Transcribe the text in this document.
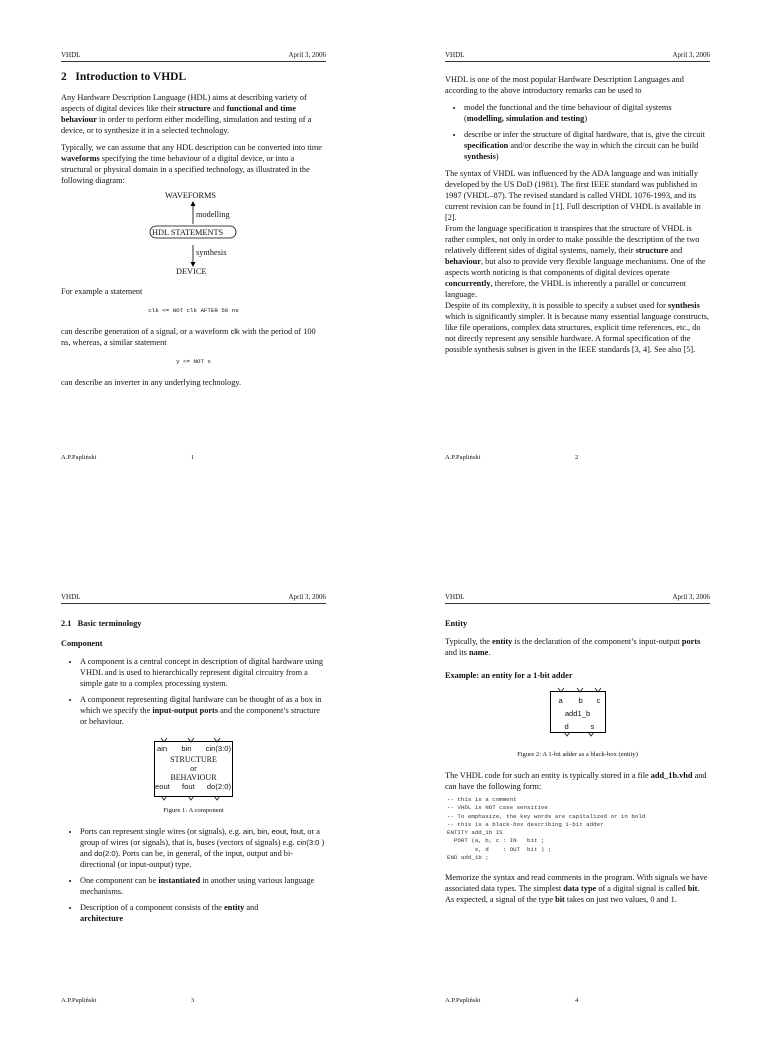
VHDL	April 3, 2006
2 Introduction to VHDL

Any Hardware Description Language (HDL) aims at describing variety of aspects of digital devices like their structure and functional and time behaviour in order to perform either modelling, simulation and testing of a device, or to synthesize it in a selected technology.

Typically, we can assume that any HDL description can be converted into time waveforms specifying the time behaviour of a digital device, or into a structural or physical domain in a specified technology, as illustrated in the following diagram:

WAVEFORMS
modelling
HDL STATEMENTS
synthesis
DEVICE

For example a statement

clk <= NOT clk AFTER 50 ns

can describe generation of a signal, or a waveform clk with the period of 100 ns, whereas, a similar statement

y <= NOT x

can describe an inverter in any underlying technology.

A.P.Papliński	1
VHDL	April 3, 2006

VHDL is one of the most popular Hardware Description Languages and according to the above introductory remarks can be used to

• model the functional and the time behaviour of digital systems (modelling, simulation and testing)
• describe or infer the structure of digital hardware, that is, give the circuit specification and/or describe the way in which the circuit can be build synthesis)

The syntax of VHDL was influenced by the ADA language and was initially developed by the US DoD (1981). The first IEEE standard was published in 1987 (VHDL–87). The revised standard is called VHDL 1076-1993, and its current revision can be found in [1]. Full description of VHDL is available in [2].

From the language specification it transpires that the structure of VHDL is rather complex, not only in order to make possible the description of the two relatively different sides of digital systems, namely, their structure and behaviour, but also to provide very flexible language mechanisms. One of the aspects worth noticing is that components of digital devices operate concurrently, therefore, the VHDL is inherently a parallel or concurrent language.

Despite of its complexity, it is possible to specify a subset used for synthesis which is significantly simpler. It is because many essential language constructs, like file operations, complex data structures, explicit time references, etc., do not directly represent any sensible hardware. A formal specification of the possible synthesis subset is given in the IEEE standards [3, 4]. See also [5].

A.P.Papliński	2
VHDL	April 3, 2006
2.1 Basic terminology
Component
• A component is a central concept in description of digital hardware using VHDL and is used to hierarchically represent digital circuitry from a simple gate to a complex processing system.
• A component representing digital hardware can be thought of as a box in which we specify the input-output ports and the component’s structure or behaviour.
ain bin cin(3:0)
STRUCTURE
or
BEHAVIOUR
eout fout do(2:0)
Figure 1: A component
• Ports can represent single wires (or signals), e.g. ain, bin, eout, fout, or a group of wires (or signals), that is, buses (vectors of signals) e.g. cin(3:0 ) and do(2:0). Ports can be, in general, of the input, output and bi-directional (or input-output) type.
• One component can be instantiated in another using various language mechanisms.
• Description of a component consists of the entity and
architecture
A.P.Papliński	3
VHDL	April 3, 2006
Entity

Typically, the entity is the declaration of the component’s input-output ports and its name.

Example: an entity for a 1-bit adder
a b c
add1_b
d	s
Figure 2: A 1-bit adder as a black-box (entity)

The VHDL code for such an entity is typically stored in a file add_1b.vhd and can have the following form:

-- this is a comment
-- VHDL is NOT case sensitive
-- To emphasize, the key words are capitalized or in bold
-- this is a black-box describing 1-bit adder
ENTITY add_1b IS
PORT (a, b, c : IN   bit ;
s, d    : OUT  bit ) ;
END add_1b ;

Memorize the syntax and read comments in the program. With signals we have associated data types. The simplest data type of a digital signal is called bit. As expected, a signal of the type bit takes on just two values, 0 and 1.

A.P.Papliński	4
